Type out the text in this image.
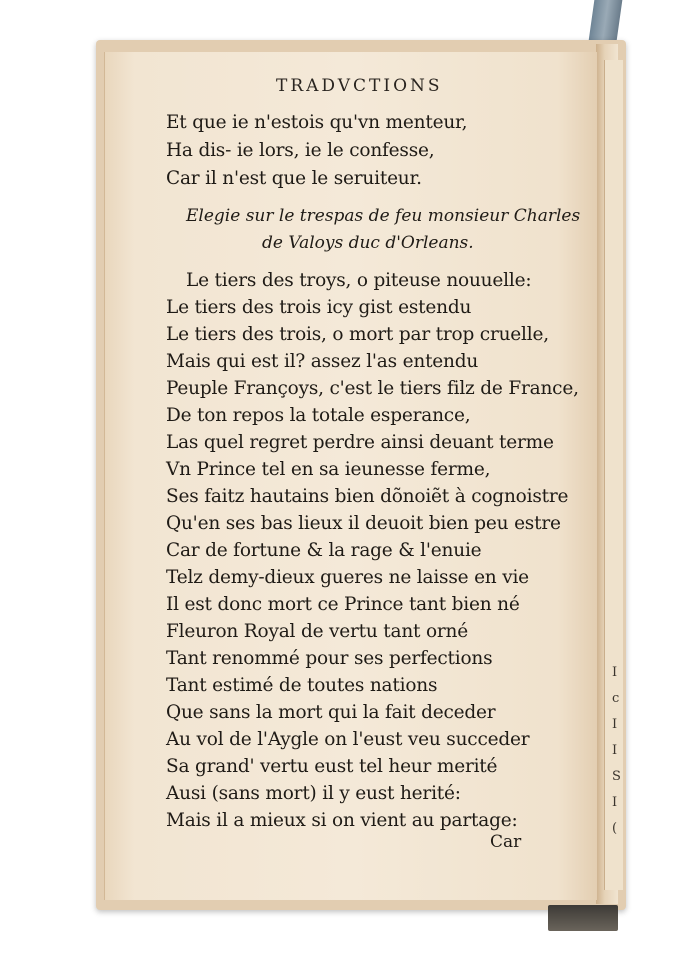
TRADVCTIONS
Et que ie n'estois qu'vn menteur,
Ha dis- ie lors, ie le confesse,
Car il n'est que le seruiteur.
Elegie sur le trespas de feu monsieur Charles
de Valoys duc d'Orleans.
Le tiers des troys, o piteuse nouuelle:
Le tiers des trois icy gist estendu
Le tiers des trois, o mort par trop cruelle,
Mais qui est il? assez l'as entendu
Peuple Françoys, c'est le tiers filz de France,
De ton repos la totale esperance,
Las quel regret perdre ainsi deuant terme
Vn Prince tel en sa ieunesse ferme,
Ses faitz hautains bien dõnoiẽt à cognoistre
Qu'en ses bas lieux il deuoit bien peu estre
Car de fortune & la rage & l'enuie
Telz demy-dieux gueres ne laisse en vie
Il est donc mort ce Prince tant bien né
Fleuron Royal de vertu tant orné
Tant renommé pour ses perfections
Tant estimé de toutes nations
Que sans la mort qui la fait deceder
Au vol de l'Aygle on l'eust veu succeder
Sa grand' vertu eust tel heur merité
Ausi (sans mort) il y eust herité:
Mais il a mieux si on vient au partage:
Car
I
c
I
I
S
I
(
